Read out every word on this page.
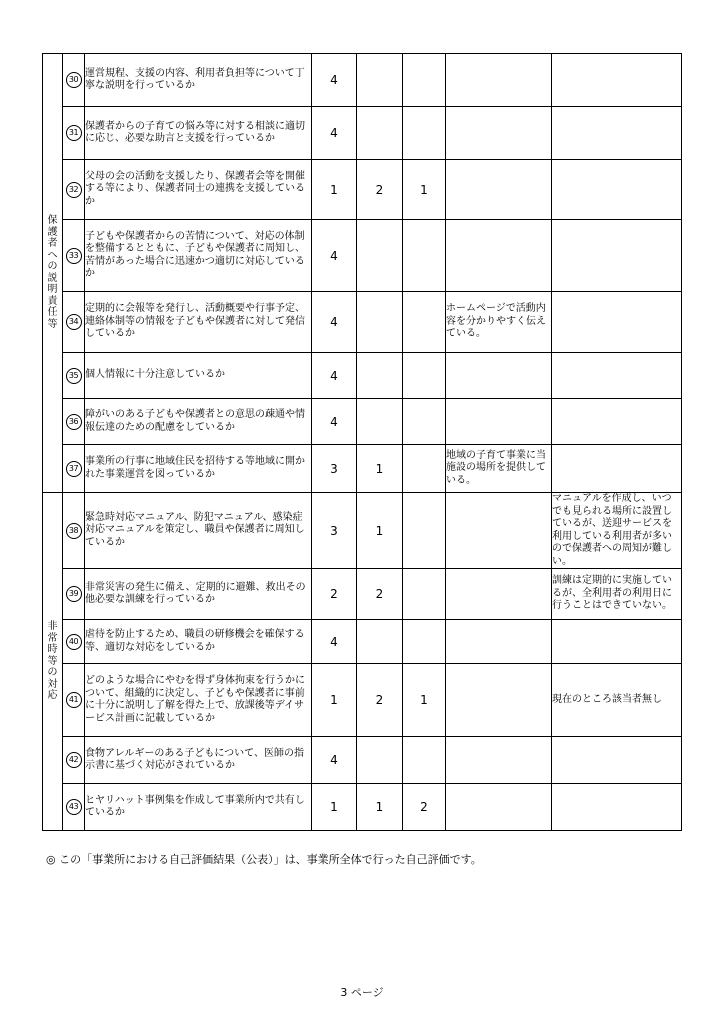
保護者への説明責任等	30	運営規程、支援の内容、利用者負担等について丁寧な説明を行っているか	4				
	31	保護者からの子育ての悩み等に対する相談に適切に応じ、必要な助言と支援を行っているか	4				
	32	父母の会の活動を支援したり、保護者会等を開催する等により、保護者同士の連携を支援しているか	1	2	1		
	33	子どもや保護者からの苦情について、対応の体制を整備するとともに、子どもや保護者に周知し、苦情があった場合に迅速かつ適切に対応しているか	4				
	34	定期的に会報等を発行し、活動概要や行事予定、連絡体制等の情報を子どもや保護者に対して発信しているか	4			ホームページで活動内容を分かりやすく伝えている。	
	35	個人情報に十分注意しているか	4				
	36	障がいのある子どもや保護者との意思の疎通や情報伝達のための配慮をしているか	4				
	37	事業所の行事に地域住民を招待する等地域に開かれた事業運営を図っているか	3	1		地域の子育て事業に当施設の場所を提供している。	
非常時等の対応	38	緊急時対応マニュアル、防犯マニュアル、感染症対応マニュアルを策定し、職員や保護者に周知しているか	3	1			マニュアルを作成し、いつでも見られる場所に設置しているが、送迎サービスを利用している利用者が多いので保護者への周知が難しい。
	39	非常災害の発生に備え、定期的に避難、救出その他必要な訓練を行っているか	2	2			訓練は定期的に実施しているが、全利用者の利用日に行うことはできていない。
	40	虐待を防止するため、職員の研修機会を確保する等、適切な対応をしているか	4				
	41	どのような場合にやむを得ず身体拘束を行うかについて、組織的に決定し、子どもや保護者に事前に十分に説明し了解を得た上で、放課後等デイサービス計画に記載しているか	1	2	1		現在のところ該当者無し
	42	食物アレルギーのある子どもについて、医師の指示書に基づく対応がされているか	4				
	43	ヒヤリハット事例集を作成して事業所内で共有しているか	1	1	2		
◎ この「事業所における自己評価結果（公表）」は、事業所全体で行った自己評価です。
3 ページ
